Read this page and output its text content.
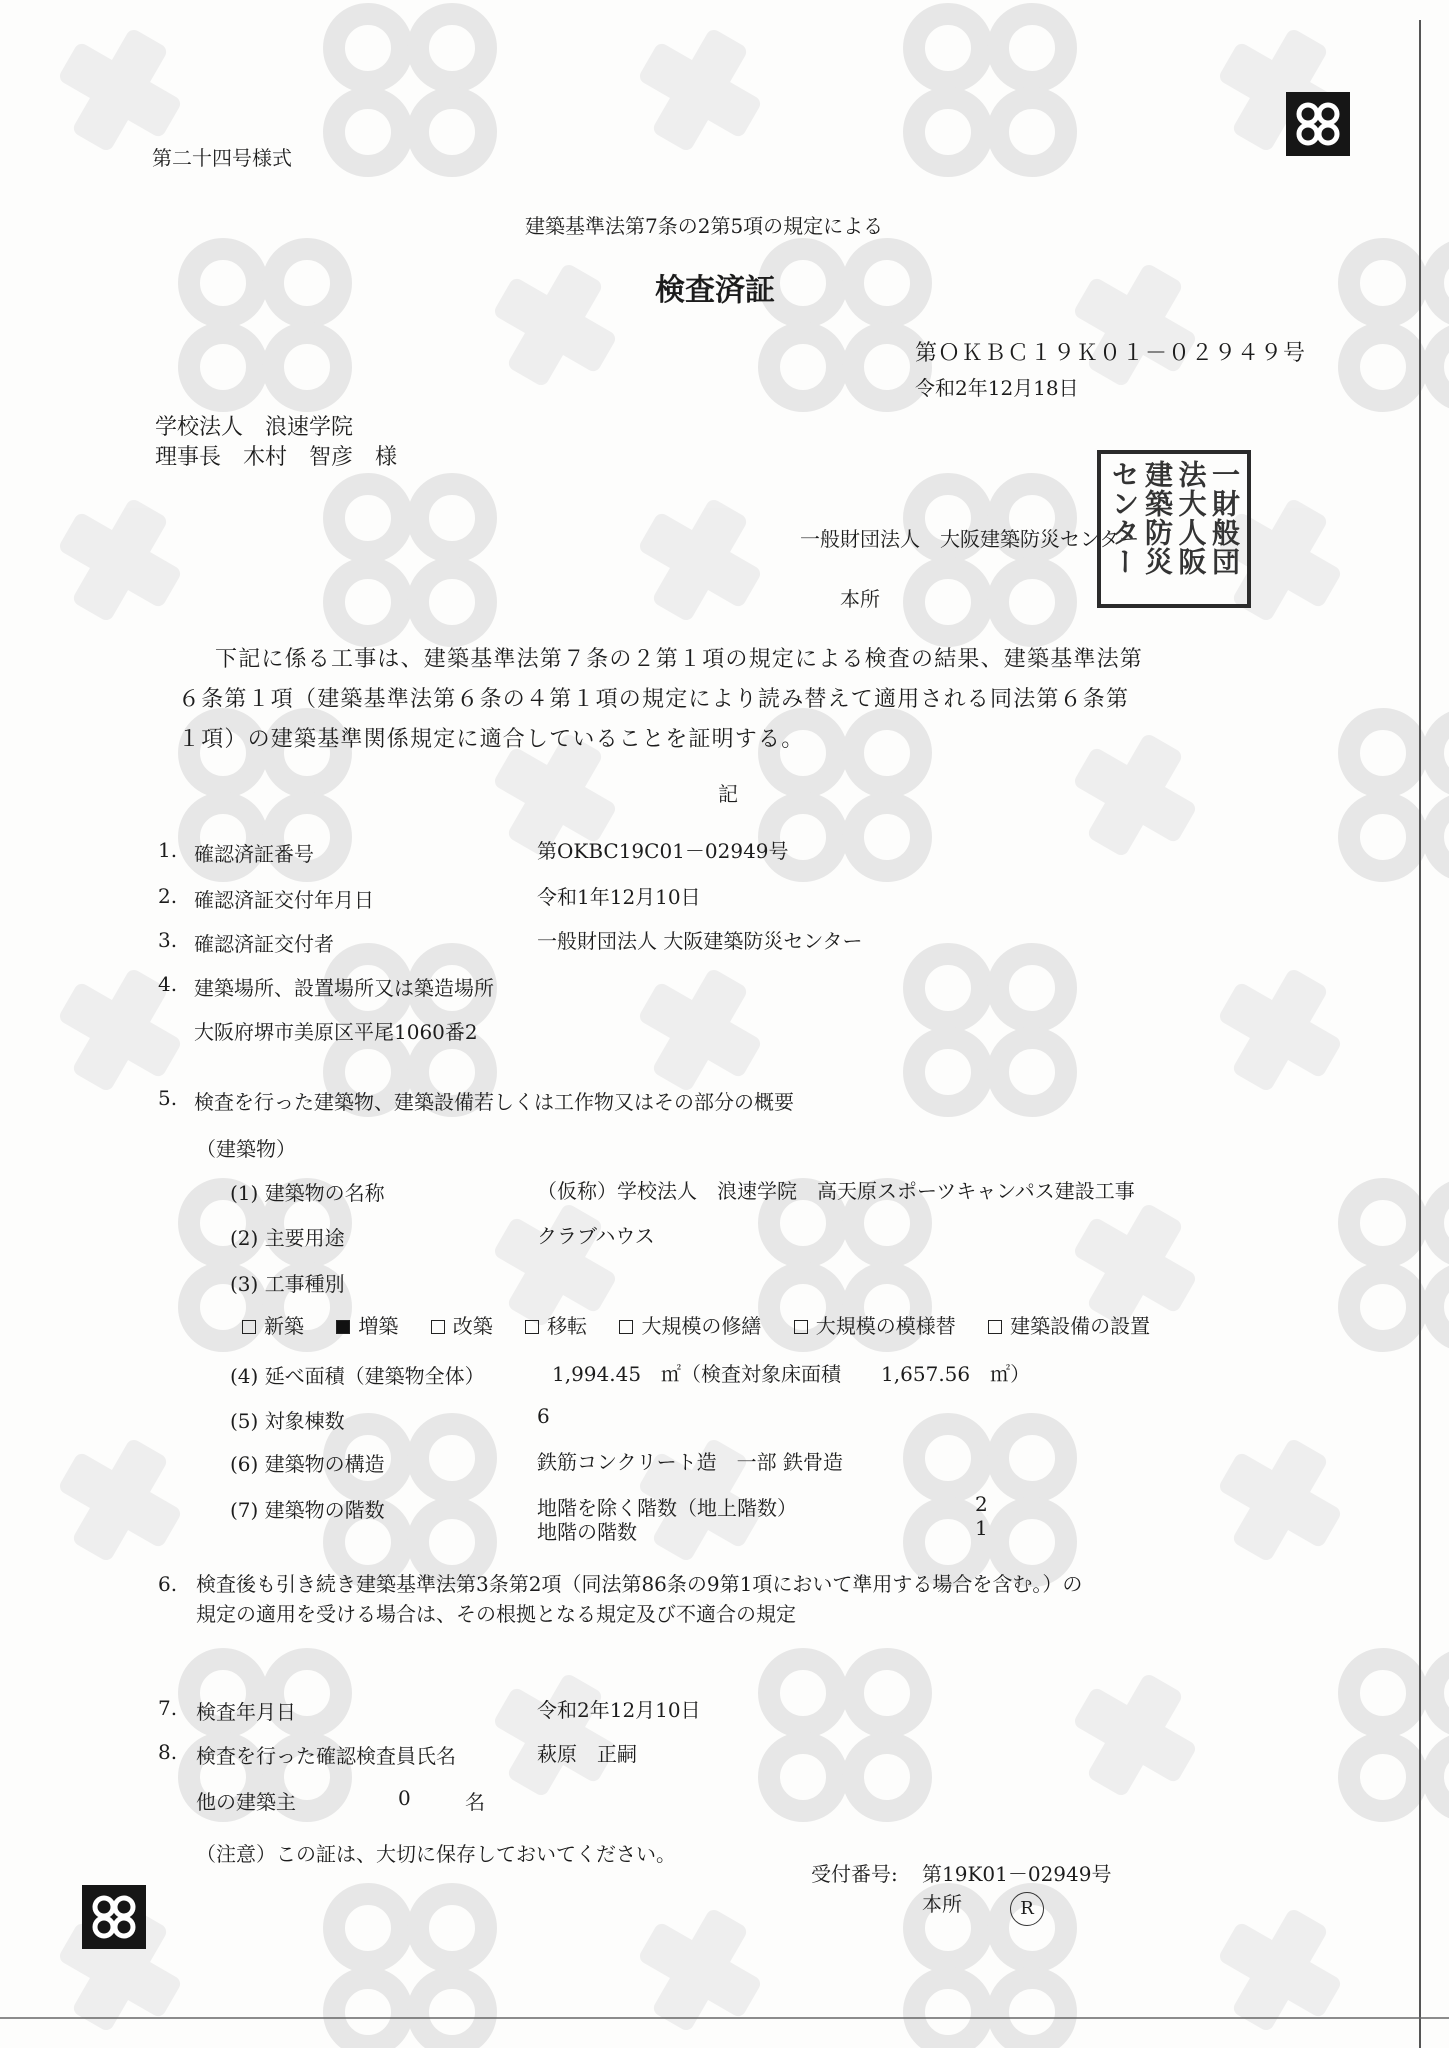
第二十四号様式
建築基準法第7条の2第5項の規定による
検査済証
第ＯＫＢＣ１９Ｋ０１－０２９４９号
令和2年12月18日
学校法人　浪速学院
理事長　木村　智彦　様
一般財団法人　大阪建築防災センター
本所
一財般団
法大人阪
建築防災
センター
下記に係る工事は、建築基準法第７条の２第１項の規定による検査の結果、建築基準法第
６条第１項（建築基準法第６条の４第１項の規定により読み替えて適用される同法第６条第
１項）の建築基準関係規定に適合していることを証明する。
記
1. 確認済証番号	第OKBC19C01－02949号
2. 確認済証交付年月日	令和1年12月10日
3. 確認済証交付者	一般財団法人 大阪建築防災センター
4. 建築場所、設置場所又は築造場所
大阪府堺市美原区平尾1060番2
5. 検査を行った建築物、建築設備若しくは工作物又はその部分の概要
（建築物）
(1) 建築物の名称	（仮称）学校法人　浪速学院　高天原スポーツキャンパス建設工事
(2) 主要用途	クラブハウス
(3) 工事種別
新築	増築	改築	移転	大規模の修繕	大規模の模様替	建築設備の設置
(4) 延べ面積（建築物全体）	1,994.45　㎡（検査対象床面積　　1,657.56　㎡）
(5) 対象棟数	6
(6) 建築物の構造	鉄筋コンクリート造　一部 鉄骨造
(7) 建築物の階数	地階を除く階数（地上階数）	2
地階の階数	1
6. 検査後も引き続き建築基準法第3条第2項（同法第86条の9第1項において準用する場合を含む。）の
規定の適用を受ける場合は、その根拠となる規定及び不適合の規定
7. 検査年月日	令和2年12月10日
8. 検査を行った確認検査員氏名	萩原　正嗣
他の建築主	0	名
（注意）この証は、大切に保存しておいてください。
受付番号: 第19K01－02949号
本所	R
